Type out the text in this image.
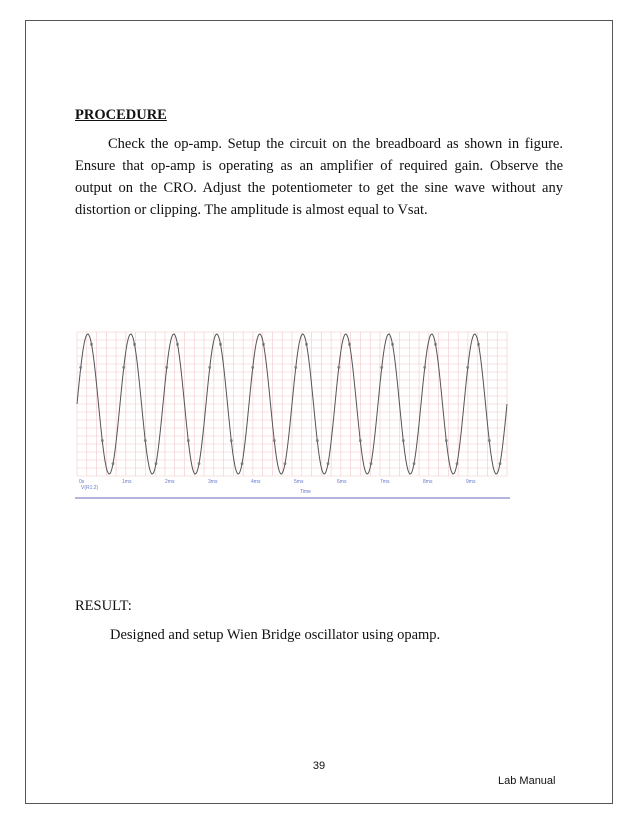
PROCEDURE

Check the op-amp. Setup the circuit on the breadboard as shown in figure. Ensure that op-amp is operating as an amplifier of required gain. Observe the output on the CRO. Adjust the potentiometer to get the sine wave without any distortion or clipping. The amplitude is almost equal to Vsat.

0s	1ms	2ms	3ms	4ms	5ms	6ms	7ms	8ms	9ms
V(R1:2)
Time

RESULT:

Designed and setup Wien Bridge oscillator using opamp.

39
Lab Manual
